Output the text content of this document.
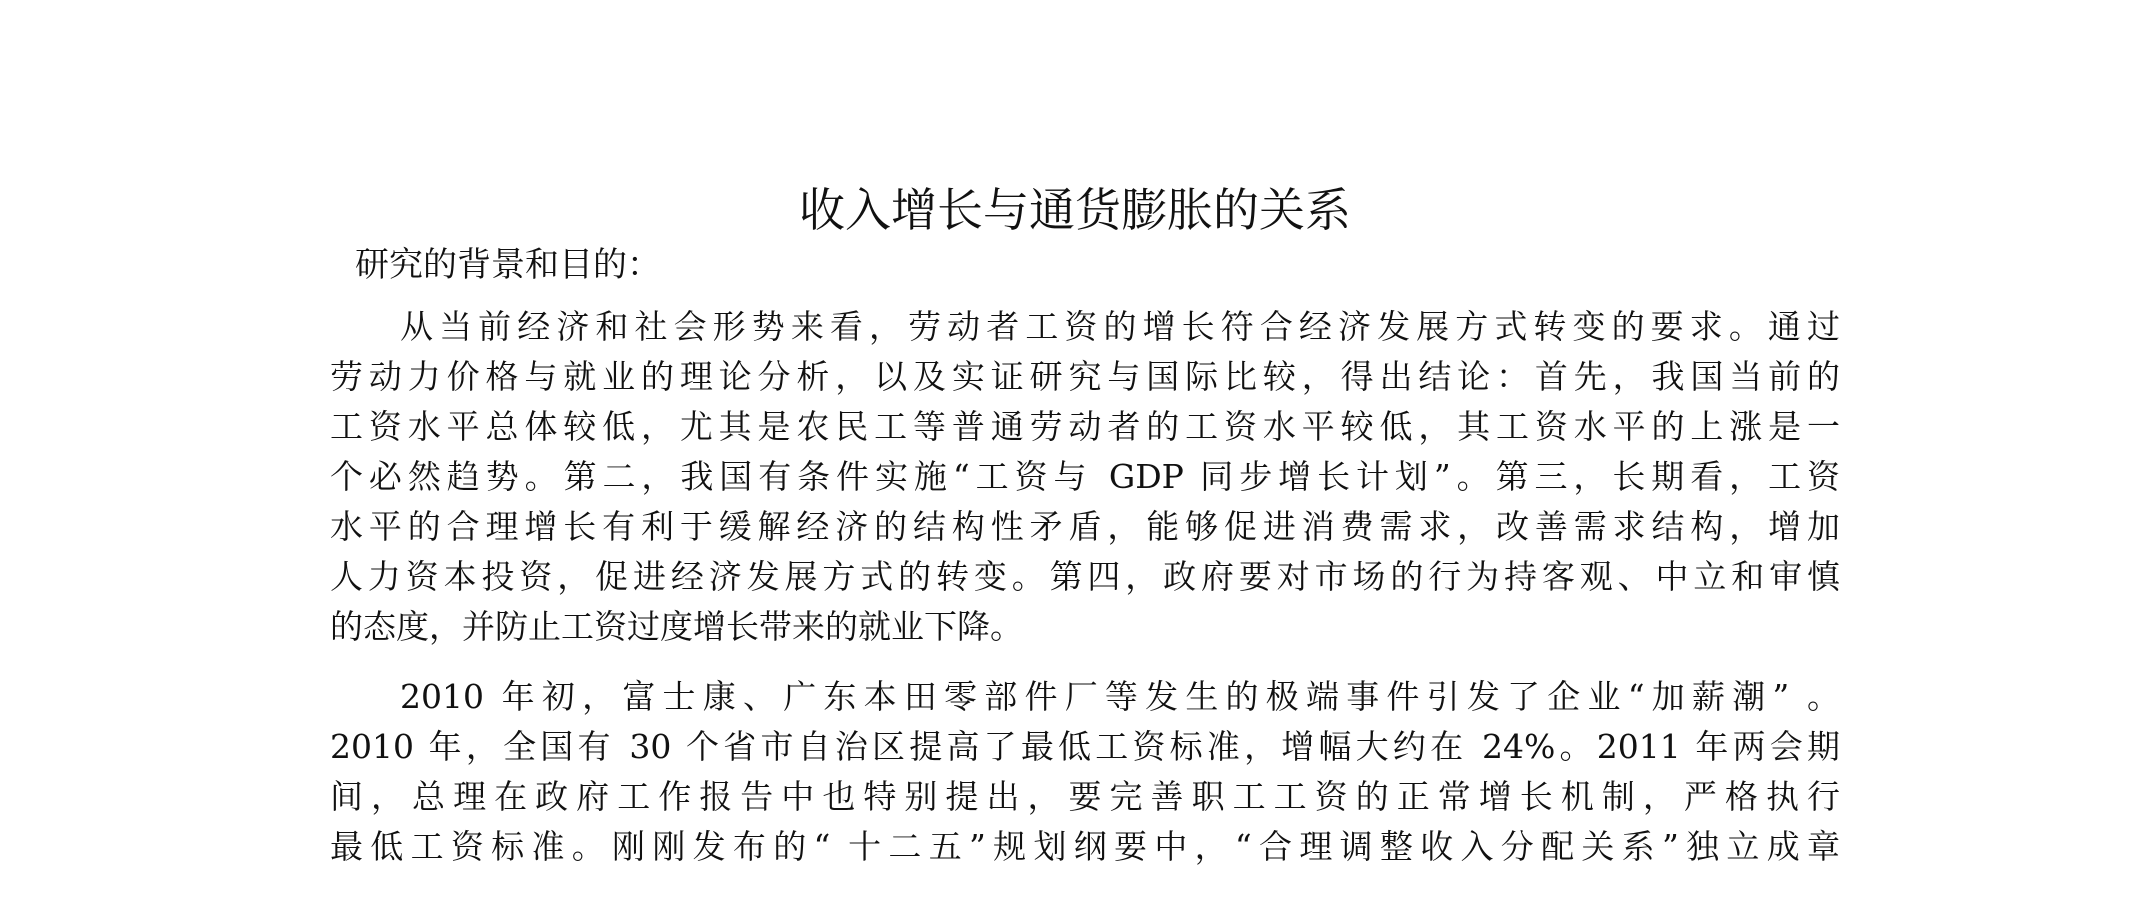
收入增长与通货膨胀的关系
研究的背景和目的：
从当前经济和社会形势来看，劳动者工资的增长符合经济发展方式转变的要求。通过
劳动力价格与就业的理论分析，以及实证研究与国际比较，得出结论：首先，我国当前的
工资水平总体较低，尤其是农民工等普通劳动者的工资水平较低，其工资水平的上涨是一
个必然趋势。第二，我国有条件实施“工资与 GDP 同步增长计划”。第三，长期看，工资
水平的合理增长有利于缓解经济的结构性矛盾，能够促进消费需求，改善需求结构，增加
人力资本投资，促进经济发展方式的转变。第四，政府要对市场的行为持客观、中立和审慎
的态度，并防止工资过度增长带来的就业下降。
2010 年初，富士康、广东本田零部件厂等发生的极端事件引发了企业“加薪潮” 。
2010 年，全国有 30 个省市自治区提高了最低工资标准，增幅大约在 24%。2011 年两会期
间，总理在政府工作报告中也特别提出，要完善职工工资的正常增长机制，严格执行
最低工资标准。刚刚发布的“ 十二五”规划纲要中，“合理调整收入分配关系”独立成章
